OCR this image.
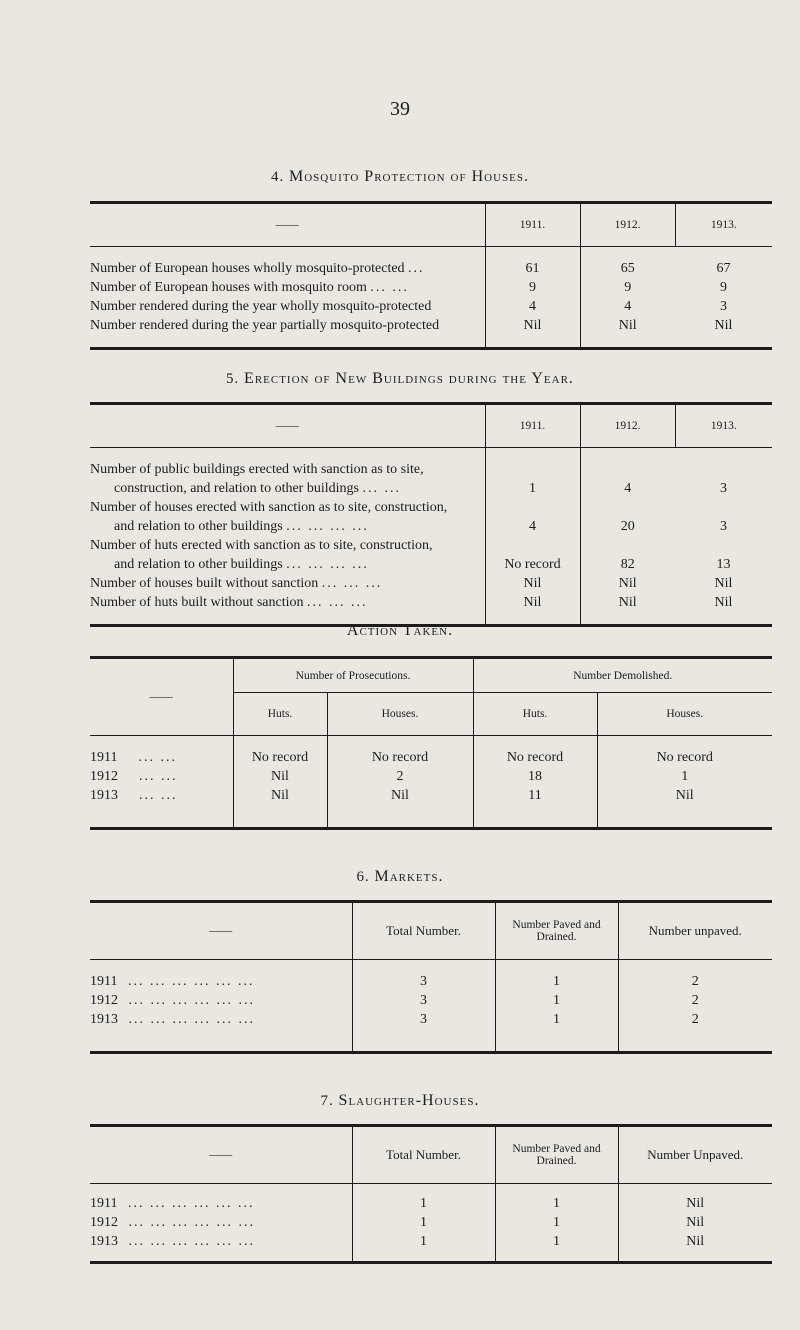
39
4. Mosquito Protection of Houses.
——	1911.	1912.	1913.

Number of European houses wholly mosquito-protected ...	61	65	67
Number of European houses with mosquito room ... ...	9	9	9
Number rendered during the year wholly mosquito-protected	4	4	3
Number rendered during the year partially mosquito-protected	Nil	Nil	Nil
5. Erection of New Buildings during the Year.
——	1911.	1912.	1913.

Number of public buildings erected with sanction as to site,			
construction, and relation to other buildings ... ...	1	4	3
Number of houses erected with sanction as to site, construction,			
and relation to other buildings ... ... ... ...	4	20	3
Number of huts erected with sanction as to site, construction,			
and relation to other buildings ... ... ... ...	No record	82	13
Number of houses built without sanction ... ... ...	Nil	Nil	Nil
Number of huts built without sanction ... ... ...	Nil	Nil	Nil
Action Taken.
——	Number of Prosecutions.		Number Demolished.	
	Huts.	Houses.	Huts.	Houses.

1911 ... ...	No record	No record	No record	No record
1912 ... ...	Nil	2	18	1
1913 ... ...	Nil	Nil	11	Nil
6. Markets.
——	Total Number.	Number Paved and Drained.	Number unpaved.

1911 ... ... ... ... ... ...	3	1	2
1912 ... ... ... ... ... ...	3	1	2
1913 ... ... ... ... ... ...	3	1	2
7. Slaughter-Houses.
——	Total Number.	Number Paved and Drained.	Number Unpaved.

1911 ... ... ... ... ... ...	1	1	Nil
1912 ... ... ... ... ... ...	1	1	Nil
1913 ... ... ... ... ... ...	1	1	Nil
